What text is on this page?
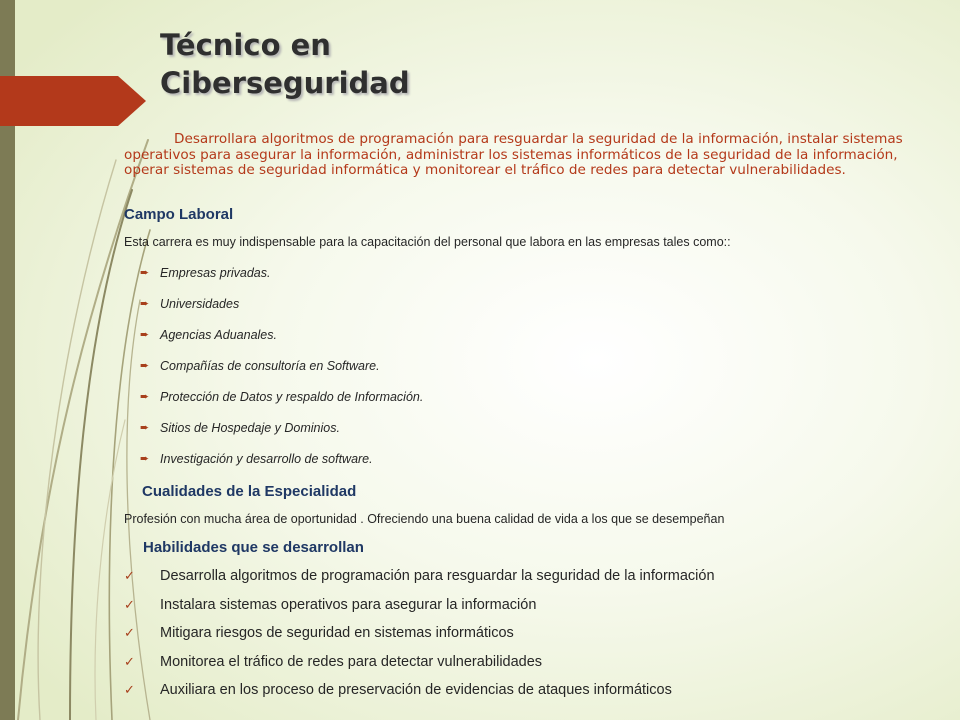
Técnico en
Ciberseguridad

Desarrollara algoritmos de programación para resguardar la seguridad de la información, instalar sistemas operativos para asegurar la información, administrar los sistemas informáticos de la seguridad de la información, operar sistemas de seguridad informática y monitorear el tráfico de redes para detectar vulnerabilidades.

Campo Laboral

Esta carrera es muy indispensable para la capacitación del personal que labora en las empresas tales como::

➨ Empresas privadas.
➨ Universidades
➨ Agencias Aduanales.
➨ Compañías de consultoría en Software.
➨ Protección de Datos y respaldo de Información.
➨ Sitios de Hospedaje y Dominios.
➨ Investigación y desarrollo de software.
Cualidades de la Especialidad

Profesión con mucha área de oportunidad . Ofreciendo una buena calidad de vida a los que se desempeñan

Habilidades que se desarrollan
✓	Desarrolla algoritmos de programación para resguardar la seguridad de la información
✓	Instalara sistemas operativos para asegurar la información
✓	Mitigara riesgos de seguridad en sistemas informáticos
✓	Monitorea el tráfico de redes para detectar vulnerabilidades
✓	Auxiliara en los proceso de preservación de evidencias de ataques informáticos
